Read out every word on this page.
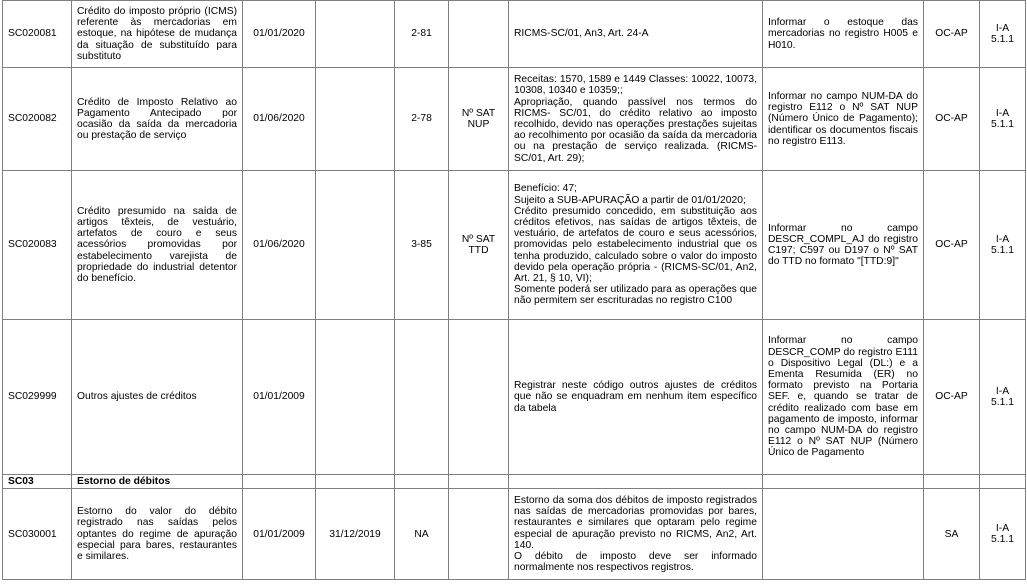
SC020081	Crédito do imposto próprio (ICMS) referente às mercadorias em estoque, na hipótese de mudança da situação de substituído para substituto	01/01/2020		2-81		RICMS-SC/01, An3, Art. 24-A	Informar o estoque das mercadorias no registro H005 e H010.	OC-AP	I-A 5.1.1
SC020082	Crédito de Imposto Relativo ao Pagamento Antecipado por ocasião da saída da mercadoria ou prestação de serviço	01/06/2020		2-78	Nº SAT NUP	Receitas: 1570, 1589 e 1449 Classes: 10022, 10073, 10308, 10340 e 10359;;
Apropriação, quando passível nos termos do RICMS- SC/01, do crédito relativo ao imposto recolhido, devido nas operações prestações sujeitas ao recolhimento por ocasião da saída da mercadoria ou na prestação de serviço realizada. (RICMS-SC/01, Art. 29);	Informar no campo NUM-DA do registro E112 o Nº SAT NUP (Número Único de Pagamento); identificar os documentos fiscais no registro E113.	OC-AP	I-A 5.1.1
SC020083	Crédito presumido na saída de artigos têxteis, de vestuário, artefatos de couro e seus acessórios promovidas por estabelecimento varejista de propriedade do industrial detentor do benefício.	01/06/2020		3-85	Nº SAT TTD	Benefício: 47;
Sujeito a SUB-APURAÇÃO a partir de 01/01/2020;
Crédito presumido concedido, em substituição aos créditos efetivos, nas saídas de artigos têxteis, de vestuário, de artefatos de couro e seus acessórios, promovidas pelo estabelecimento industrial que os tenha produzido, calculado sobre o valor do imposto devido pela operação própria - (RICMS-SC/01, An2, Art. 21, § 10, VI);
Somente poderá ser utilizado para as operações que não permitem ser escrituradas no registro C100	Informar no campo DESCR_COMPL_AJ do registro C197; C597 ou D197 o Nº SAT do TTD no formato "[TTD:9]"	OC-AP	I-A 5.1.1
SC029999	Outros ajustes de créditos	01/01/2009				Registrar neste código outros ajustes de créditos que não se enquadram em nenhum item específico da tabela	Informar no campo DESCR_COMP do registro E111 o Dispositivo Legal (DL:) e a Ementa Resumida (ER) no formato previsto na Portaria SEF. e, quando se tratar de crédito realizado com base em pagamento de imposto, informar no campo NUM-DA do registro E112 o Nº SAT NUP (Número Único de Pagamento	OC-AP	I-A 5.1.1
SC03	Estorno de débitos								
SC030001	Estorno do valor do débito registrado nas saídas pelos optantes do regime de apuração especial para bares, restaurantes e similares.	01/01/2009	31/12/2019	NA		Estorno da soma dos débitos de imposto registrados nas saídas de mercadorias promovidas por bares, restaurantes e similares que optaram pelo regime especial de apuração previsto no RICMS, An2, Art. 140.
O débito de imposto deve ser informado normalmente nos respectivos registros.		SA	I-A 5.1.1
